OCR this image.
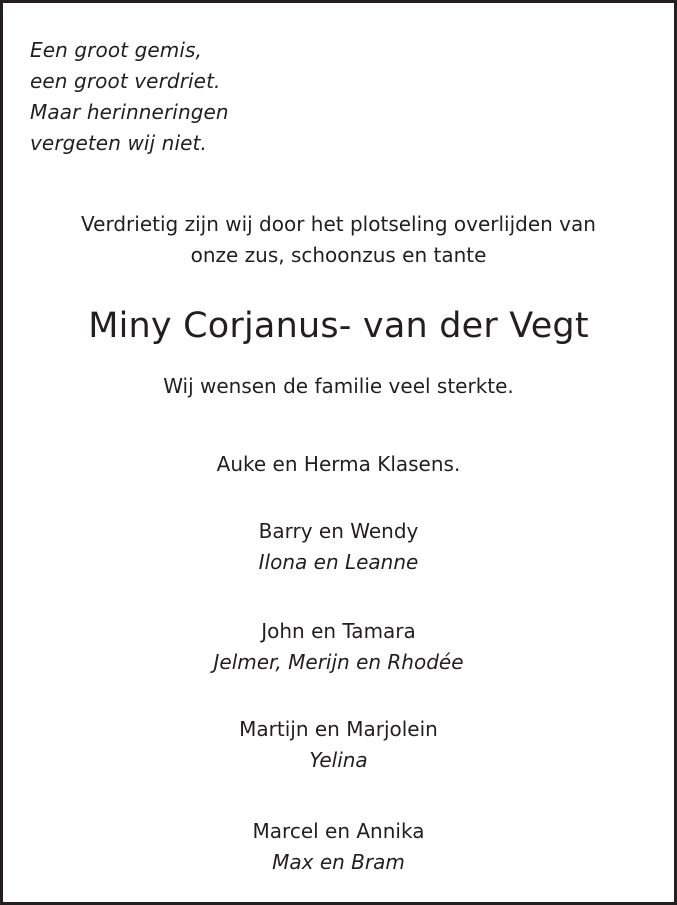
Een groot gemis,
een groot verdriet.
Maar herinneringen
vergeten wij niet.
Verdrietig zijn wij door het plotseling overlijden van
onze zus, schoonzus en tante
Miny Corjanus- van der Vegt
Wij wensen de familie veel sterkte.
Auke en Herma Klasens.
Barry en Wendy
Ilona en Leanne
John en Tamara
Jelmer, Merijn en Rhodée
Martijn en Marjolein
Yelina
Marcel en Annika
Max en Bram
